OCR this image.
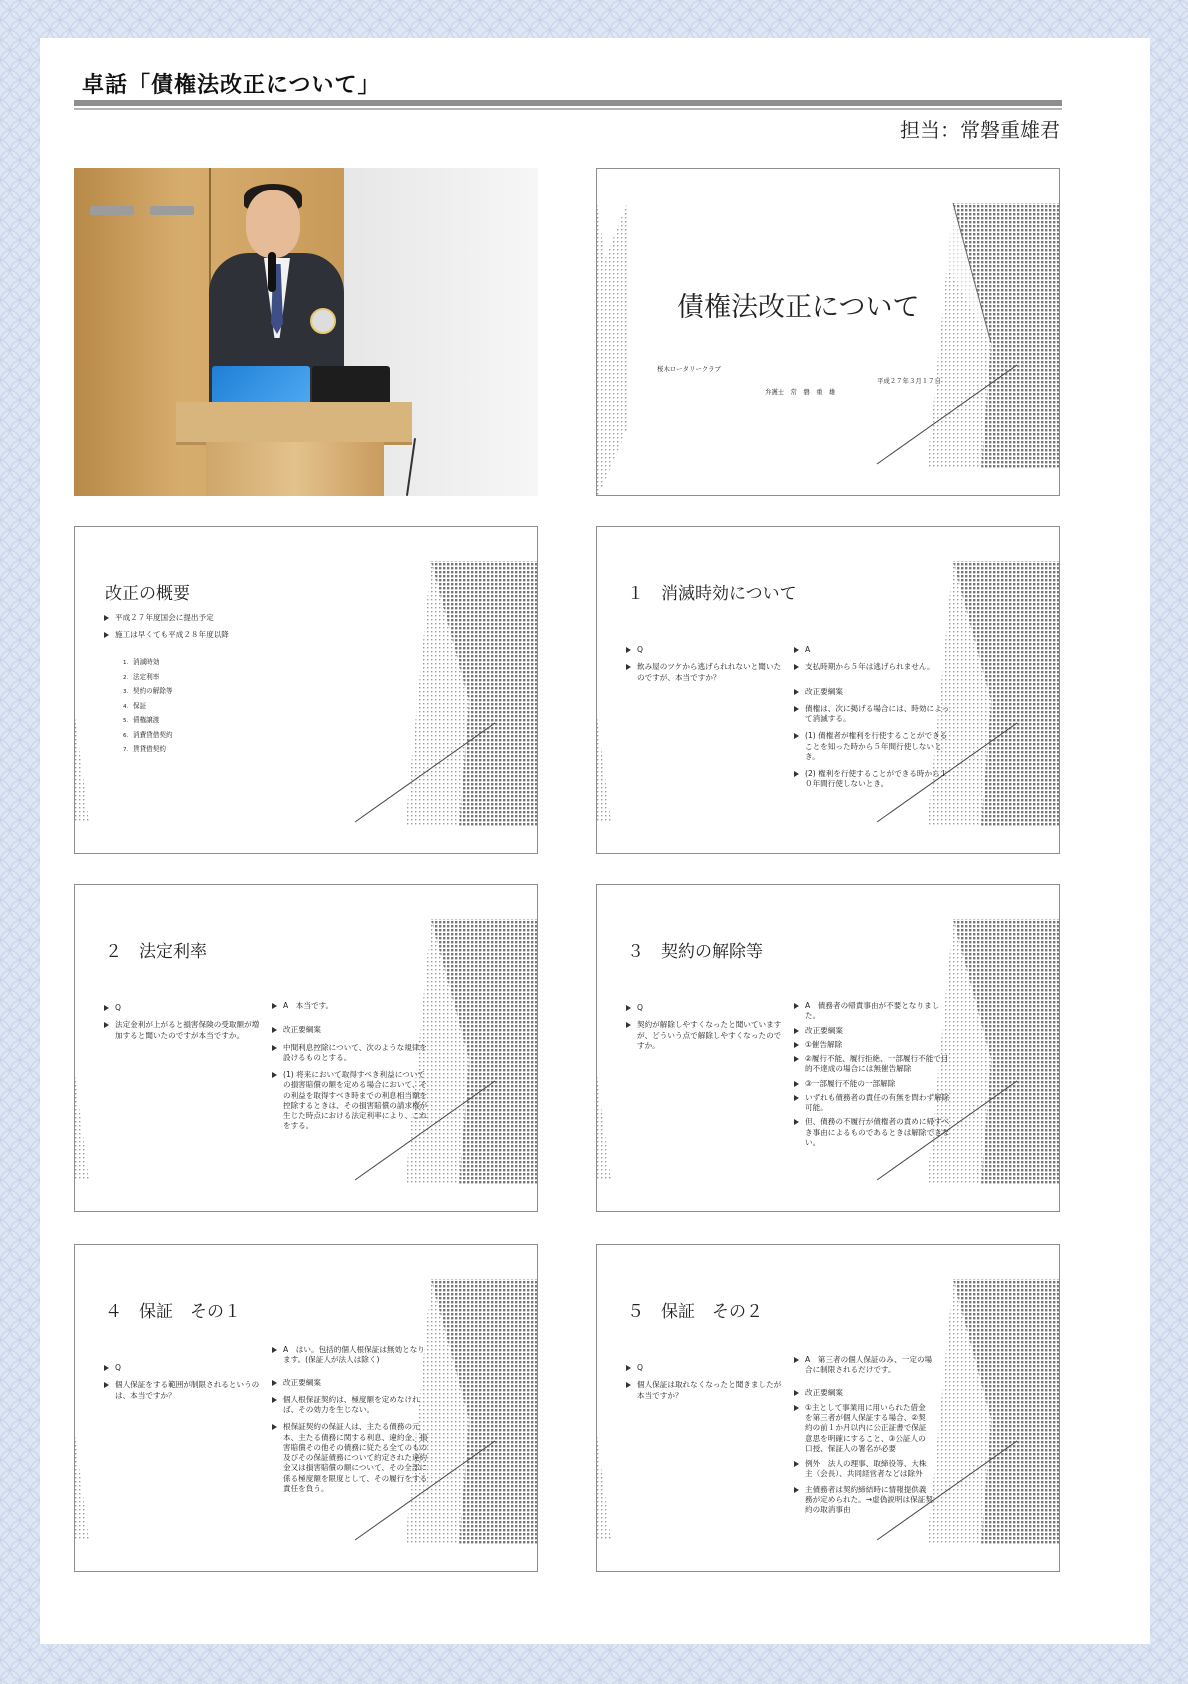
卓話「債権法改正について」
担当：常磐重雄君
債権法改正について
桜木ロータリークラブ
平成２７年３月１７日
弁護士　常　磐　重　雄
改正の概要
平成２７年度国会に提出予定
施工は早くても平成２８年度以降
1. 消滅時効
2. 法定利率
3. 契約の解除等
4. 保証
5. 債権譲渡
6. 消費貸借契約
7. 賃貸借契約
１　消滅時効について
Q
飲み屋のツケから逃げられれないと聞いたのですが、本当ですか？
A
支払時期から５年は逃げられません。
改正要綱案
債権は、次に掲げる場合には、時効によって消滅する。
(1) 債権者が権利を行使することができることを知った時から５年間行使しないとき。
(2) 権利を行使することができる時から１０年間行使しないとき。
２　法定利率
Q
法定金利が上がると損害保険の受取額が増加すると聞いたのですが本当ですか。
A　本当です。
改正要綱案
中間利息控除について、次のような規律を設けるものとする。
(1) 将来において取得すべき利益についての損害賠償の額を定める場合において、その利益を取得すべき時までの利息相当額を控除するときは、その損害賠償の請求権が生じた時点における法定利率により、これをする。
３　契約の解除等
Q
契約が解除しやすくなったと聞いていますが、どういう点で解除しやすくなったのですか。
A　債務者の帰責事由が不要となりました。
改正要綱案
①催告解除
②履行不能、履行拒絶、一部履行不能で目的不達成の場合には無催告解除
③一部履行不能の一部解除
いずれも債務者の責任の有無を問わず解除可能。
但、債務の不履行が債権者の責めに帰すべき事由によるものであるときは解除できない。
４　保証　その１
Q
個人保証をする範囲が制限されるというのは、本当ですか？
A　はい。包括的個人根保証は無効となります。(保証人が法人は除く)
改正要綱案
個人根保証契約は、極度額を定めなければ、その効力を生じない。
根保証契約の保証人は、主たる債務の元本、主たる債務に関する利息、違約金、損害賠償その他その債務に従たる全てのもの及びその保証債務について約定された違約金又は損害賠償の額について、その全部に係る極度額を限度として、その履行をする責任を負う。
５　保証　その２
Q
個人保証は取れなくなったと聞きましたが本当ですか？
A　第三者の個人保証のみ、一定の場合に制限されるだけです。
改正要綱案
①主として事業用に用いられた借金を第三者が個人保証する場合、②契約の前１か月以内に公正証書で保証意思を明確にすること、③公証人の口授、保証人の署名が必要
例外　法人の理事、取締役等、大株主（会長）、共同経営者などは除外
主債務者は契約締結時に情報提供義務が定められた。→虚偽説明は保証契約の取消事由
